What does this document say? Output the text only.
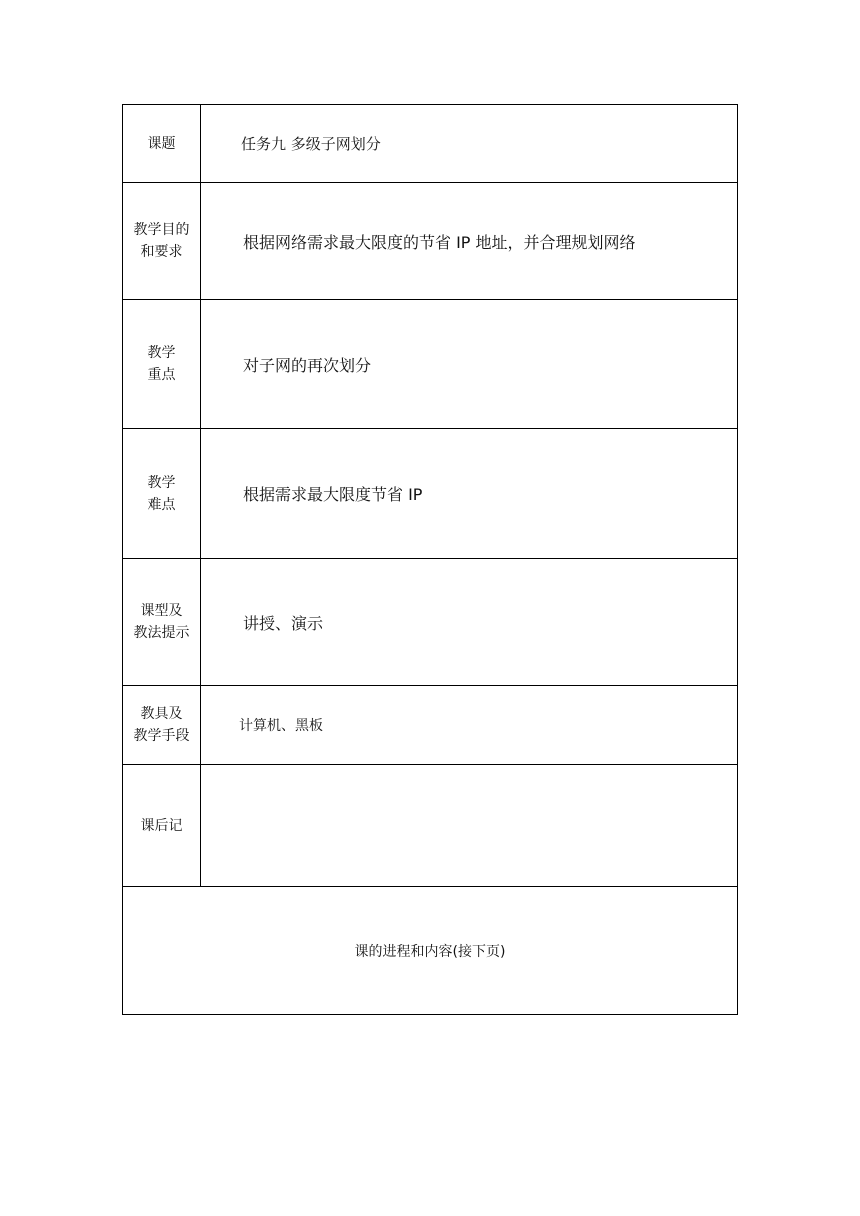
课题	任务九 多级子网划分

教学目的
和要求	根据网络需求最大限度的节省 IP 地址，并合理规划网络

教学
重点	对子网的再次划分

教学
难点	根据需求最大限度节省 IP

课型及
教法提示	讲授、演示

教具及
教学手段	计算机、黑板

课后记	

课的进程和内容(接下页)	
